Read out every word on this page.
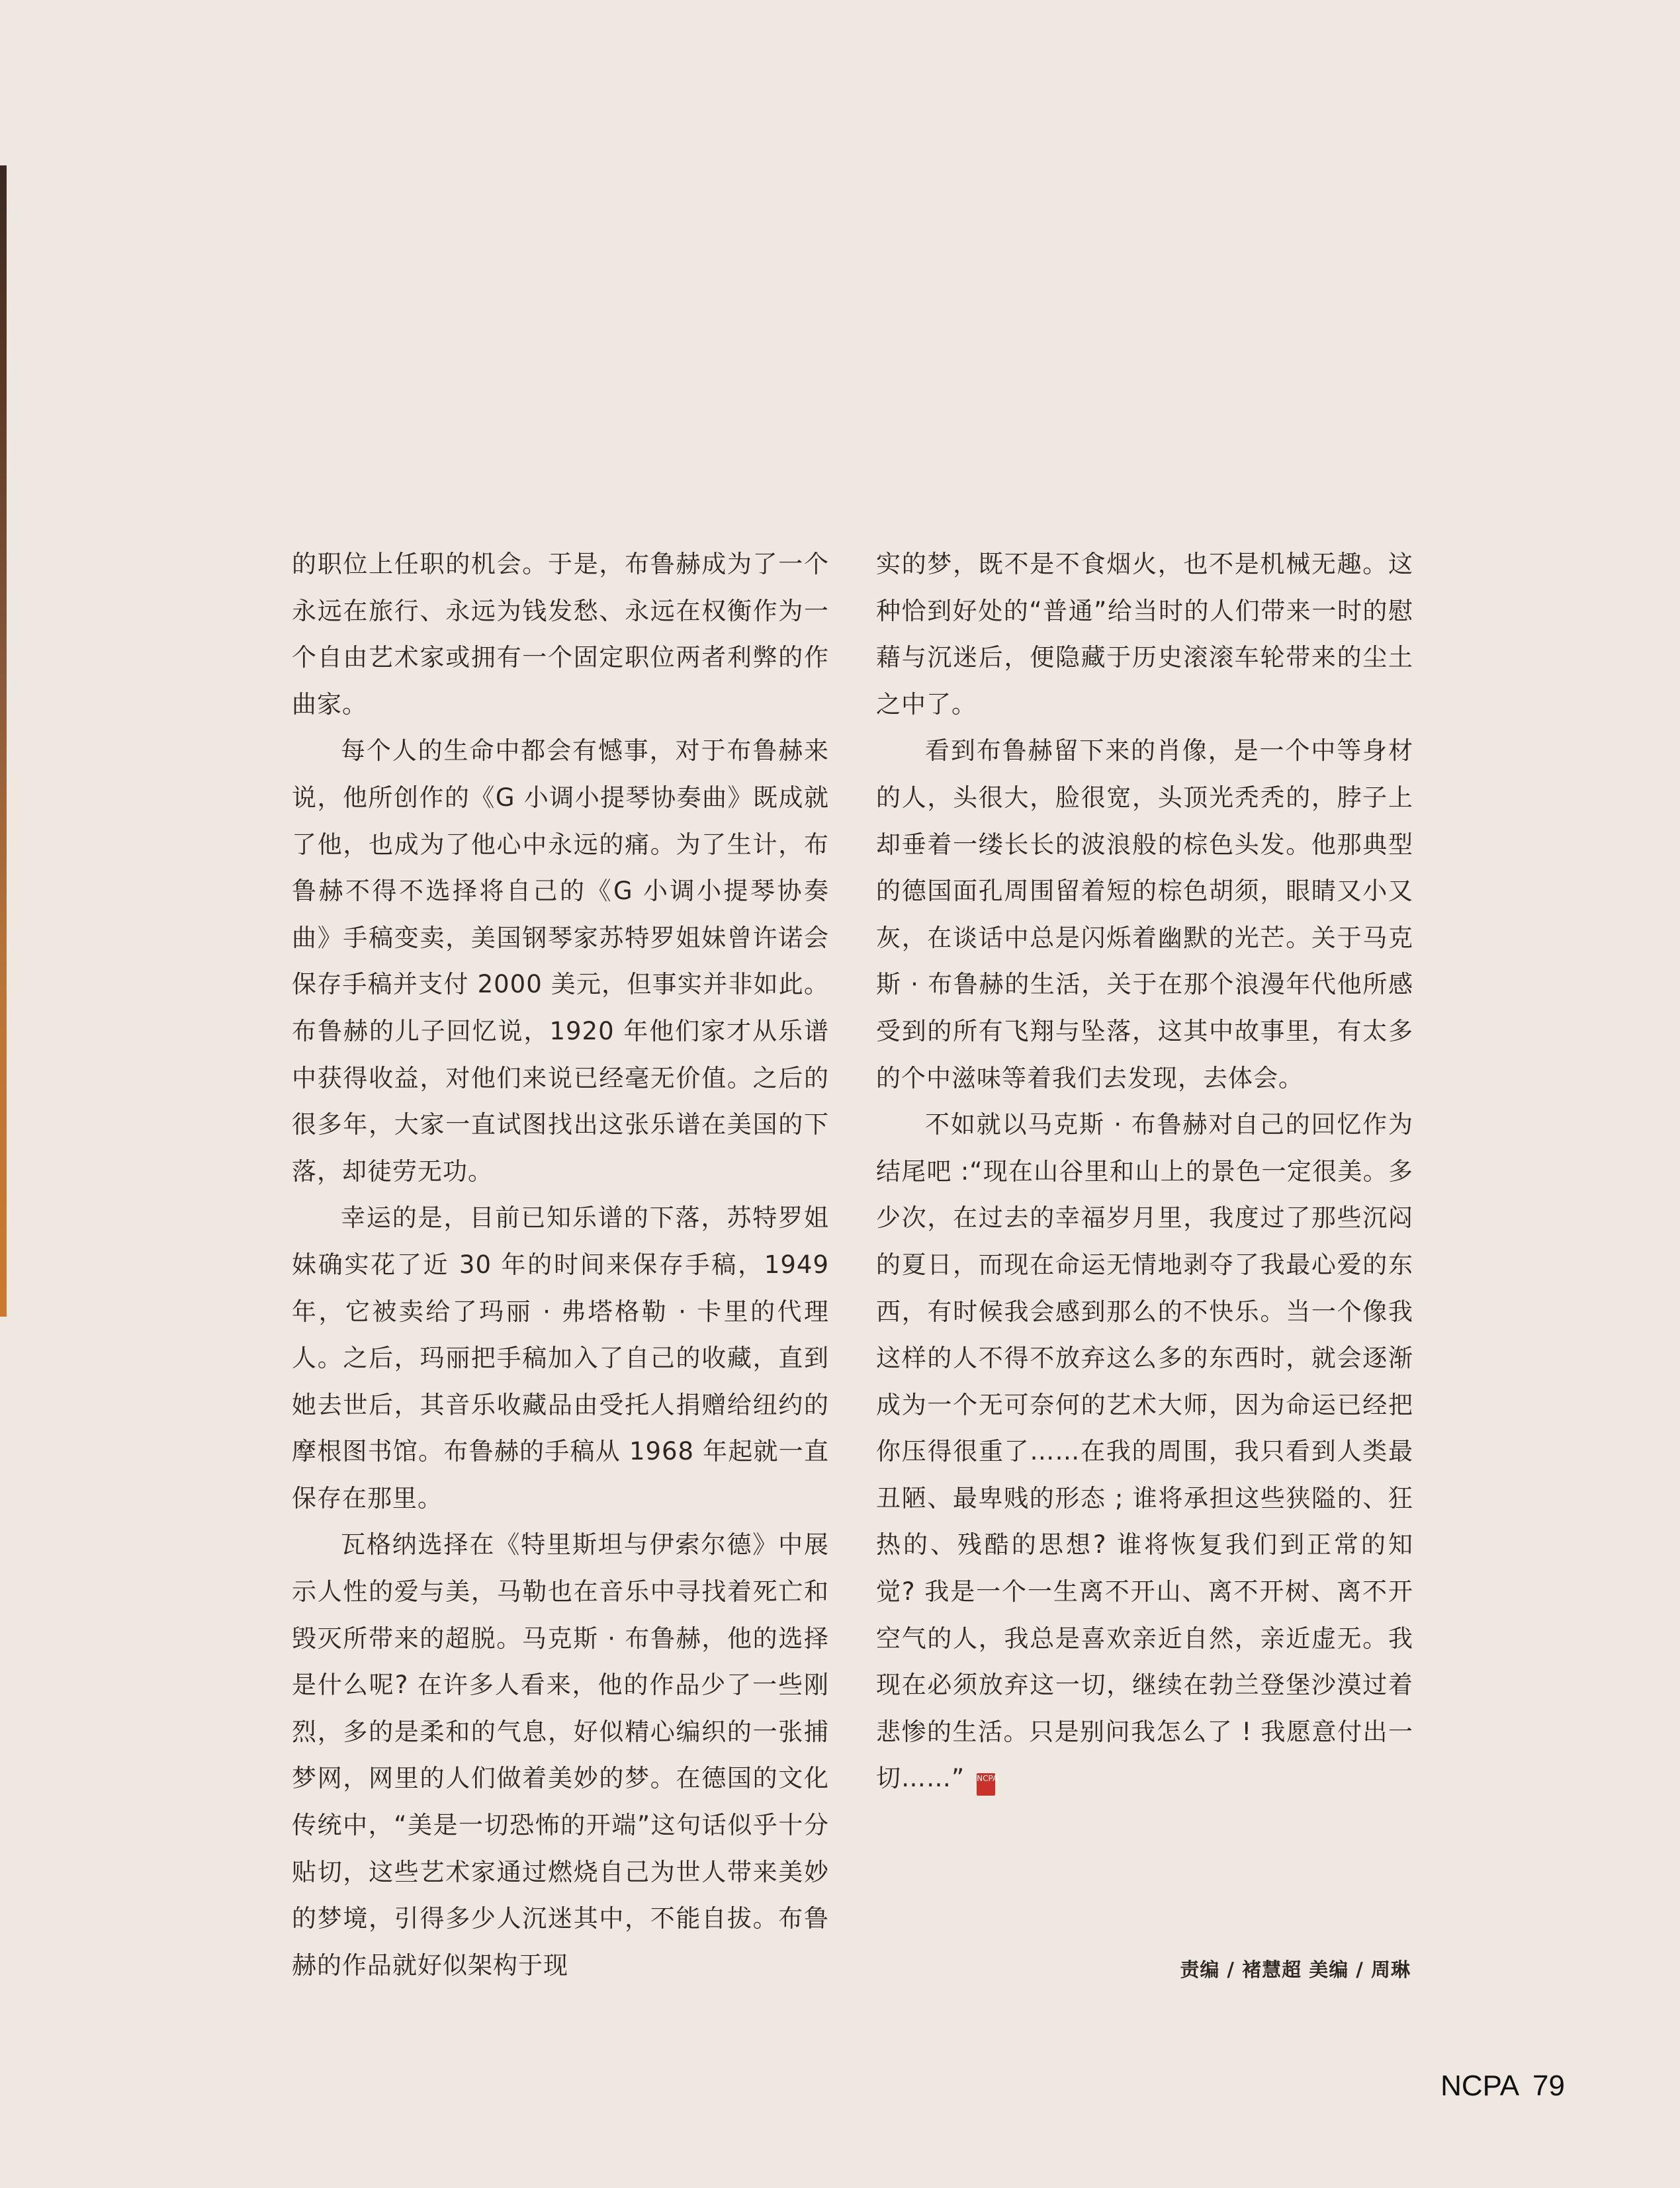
的职位上任职的机会。于是，布鲁赫成为了一个永远在旅行、永远为钱发愁、永远在权衡作为一个自由艺术家或拥有一个固定职位两者利弊的作曲家。

每个人的生命中都会有憾事，对于布鲁赫来说，他所创作的《G 小调小提琴协奏曲》既成就了他，也成为了他心中永远的痛。为了生计，布鲁赫不得不选择将自己的《G 小调小提琴协奏曲》手稿变卖，美国钢琴家苏特罗姐妹曾许诺会保存手稿并支付 2000 美元，但事实并非如此。布鲁赫的儿子回忆说，1920 年他们家才从乐谱中获得收益，对他们来说已经毫无价值。之后的很多年，大家一直试图找出这张乐谱在美国的下落，却徒劳无功。

幸运的是，目前已知乐谱的下落，苏特罗姐妹确实花了近 30 年的时间来保存手稿，1949 年，它被卖给了玛丽 · 弗塔格勒 · 卡里的代理人。之后，玛丽把手稿加入了自己的收藏，直到她去世后，其音乐收藏品由受托人捐赠给纽约的摩根图书馆。布鲁赫的手稿从 1968 年起就一直保存在那里。

瓦格纳选择在《特里斯坦与伊索尔德》中展示人性的爱与美，马勒也在音乐中寻找着死亡和毁灭所带来的超脱。马克斯 · 布鲁赫，他的选择是什么呢? 在许多人看来，他的作品少了一些刚烈，多的是柔和的气息，好似精心编织的一张捕梦网，网里的人们做着美妙的梦。在德国的文化传统中，“美是一切恐怖的开端”这句话似乎十分贴切，这些艺术家通过燃烧自己为世人带来美妙的梦境，引得多少人沉迷其中，不能自拔。布鲁赫的作品就好似架构于现

实的梦，既不是不食烟火，也不是机械无趣。这种恰到好处的“普通”给当时的人们带来一时的慰藉与沉迷后，便隐藏于历史滚滚车轮带来的尘土之中了。

看到布鲁赫留下来的肖像，是一个中等身材的人，头很大，脸很宽，头顶光秃秃的，脖子上却垂着一缕长长的波浪般的棕色头发。他那典型的德国面孔周围留着短的棕色胡须，眼睛又小又灰，在谈话中总是闪烁着幽默的光芒。关于马克斯 · 布鲁赫的生活，关于在那个浪漫年代他所感受到的所有飞翔与坠落，这其中故事里，有太多的个中滋味等着我们去发现，去体会。

不如就以马克斯 · 布鲁赫对自己的回忆作为结尾吧 :“现在山谷里和山上的景色一定很美。多少次，在过去的幸福岁月里，我度过了那些沉闷的夏日，而现在命运无情地剥夺了我最心爱的东西，有时候我会感到那么的不快乐。当一个像我这样的人不得不放弃这么多的东西时，就会逐渐成为一个无可奈何的艺术大师，因为命运已经把你压得很重了……在我的周围，我只看到人类最丑陋、最卑贱的形态 ; 谁将承担这些狭隘的、狂热的、残酷的思想? 谁将恢复我们到正常的知觉? 我是一个一生离不开山、离不开树、离不开空气的人，我总是喜欢亲近自然，亲近虚无。我现在必须放弃这一切，继续在勃兰登堡沙漠过着悲惨的生活。只是别问我怎么了 ! 我愿意付出一切……” NCPA

责编 / 褚慧超 美编 / 周琳
NCPA 79
